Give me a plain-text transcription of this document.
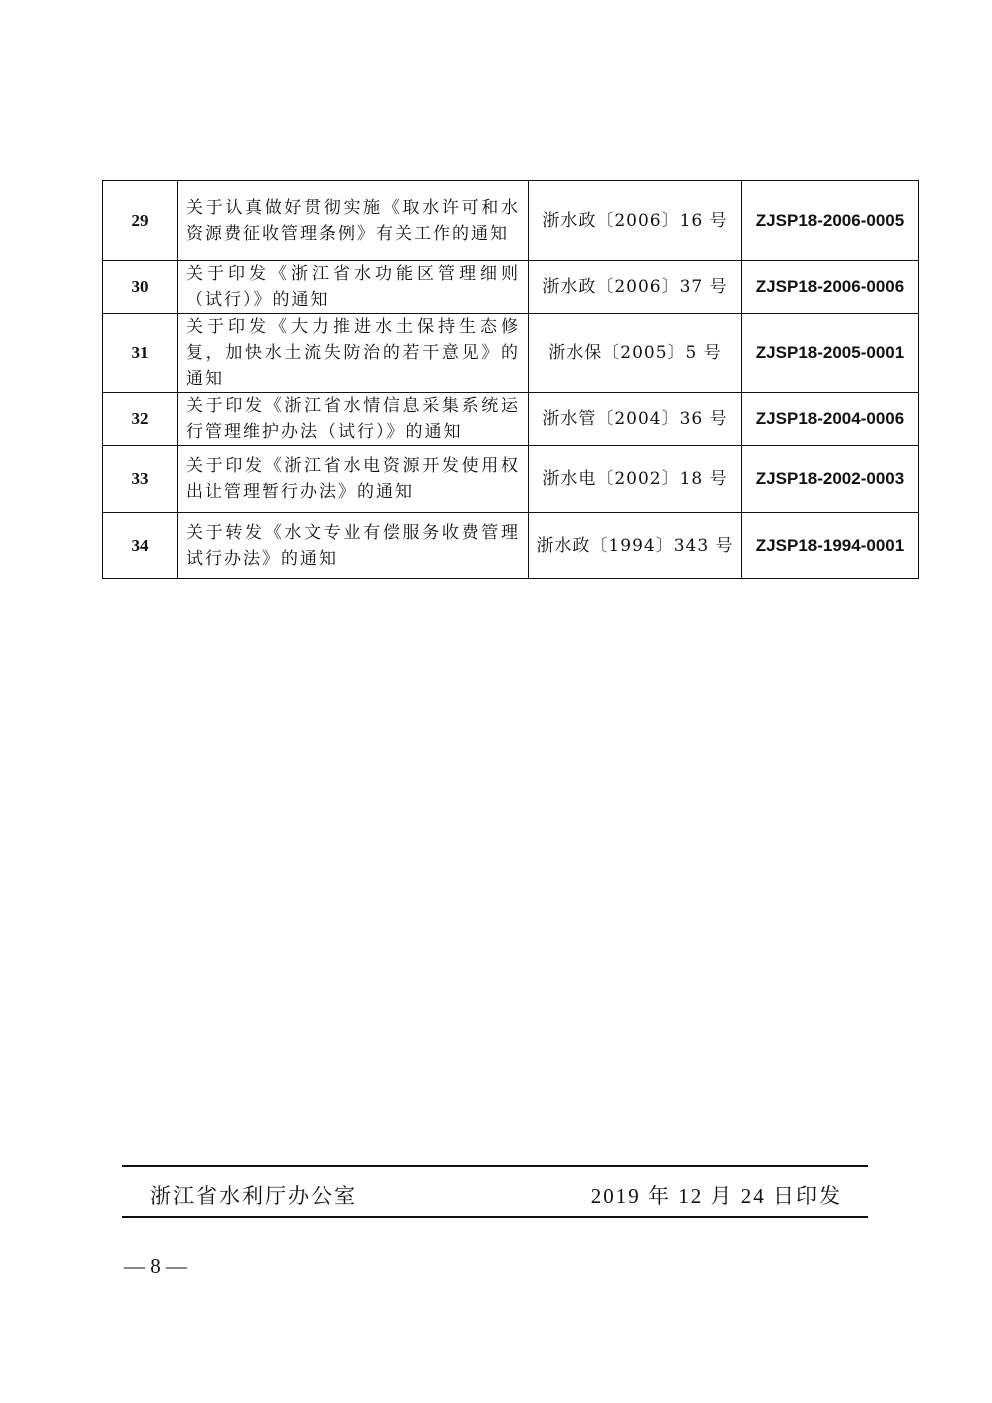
29	关于认真做好贯彻实施《取水许可和水资源费征收管理条例》有关工作的通知	浙水政〔2006〕16 号	ZJSP18-2006-0005
30	关于印发《浙江省水功能区管理细则（试行）》的通知	浙水政〔2006〕37 号	ZJSP18-2006-0006
31	关于印发《大力推进水土保持生态修复，加快水土流失防治的若干意见》的通知	浙水保〔2005〕5 号	ZJSP18-2005-0001
32	关于印发《浙江省水情信息采集系统运行管理维护办法（试行）》的通知	浙水管〔2004〕36 号	ZJSP18-2004-0006
33	关于印发《浙江省水电资源开发使用权出让管理暂行办法》的通知	浙水电〔2002〕18 号	ZJSP18-2002-0003
34	关于转发《水文专业有偿服务收费管理试行办法》的通知	浙水政〔1994〕343 号	ZJSP18-1994-0001
浙江省水利厅办公室	2019 年 12 月 24 日印发
— 8 —
